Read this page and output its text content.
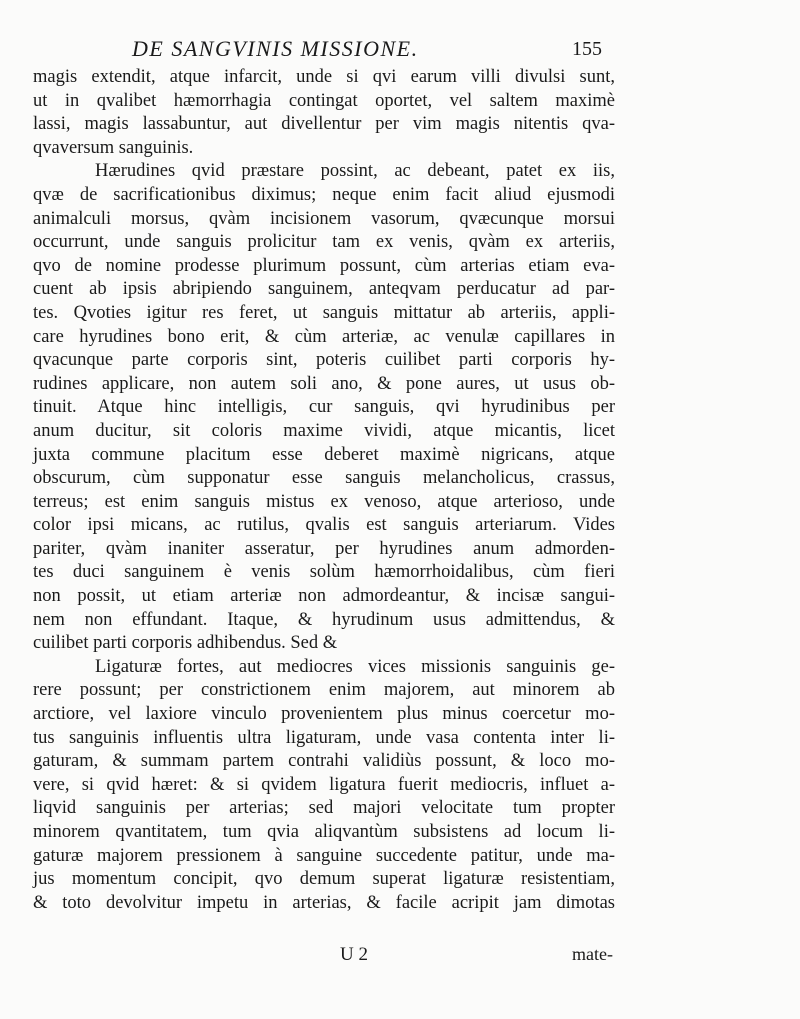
DE SANGVINIS MISSIONE.	155
magis extendit, atque infarcit, unde si qvi earum villi divulsi sunt,
ut in qvalibet hæmorrhagia contingat oportet, vel saltem maximè
lassi, magis lassabuntur, aut divellentur per vim magis nitentis qva-
qvaversum sanguinis.
Hærudines qvid præstare possint, ac debeant, patet ex iis,
qvæ de sacrificationibus diximus; neque enim facit aliud ejusmodi
animalculi morsus, qvàm incisionem vasorum, qvæcunque morsui
occurrunt, unde sanguis prolicitur tam ex venis, qvàm ex arteriis,
qvo de nomine prodesse plurimum possunt, cùm arterias etiam eva-
cuent ab ipsis abripiendo sanguinem, anteqvam perducatur ad par-
tes. Qvoties igitur res feret, ut sanguis mittatur ab arteriis, appli-
care hyrudines bono erit, & cùm arteriæ, ac venulæ capillares in
qvacunque parte corporis sint, poteris cuilibet parti corporis hy-
rudines applicare, non autem soli ano, & pone aures, ut usus ob-
tinuit. Atque hinc intelligis, cur sanguis, qvi hyrudinibus per
anum ducitur, sit coloris maxime vividi, atque micantis, licet
juxta commune placitum esse deberet maximè nigricans, atque
obscurum, cùm supponatur esse sanguis melancholicus, crassus,
terreus; est enim sanguis mistus ex venoso, atque arterioso, unde
color ipsi micans, ac rutilus, qvalis est sanguis arteriarum. Vides
pariter, qvàm inaniter asseratur, per hyrudines anum admorden-
tes duci sanguinem è venis solùm hæmorrhoidalibus, cùm fieri
non possit, ut etiam arteriæ non admordeantur, & incisæ sangui-
nem non effundant. Itaque, & hyrudinum usus admittendus, &
cuilibet parti corporis adhibendus. Sed &
Ligaturæ fortes, aut mediocres vices missionis sanguinis ge-
rere possunt; per constrictionem enim majorem, aut minorem ab
arctiore, vel laxiore vinculo provenientem plus minus coercetur mo-
tus sanguinis influentis ultra ligaturam, unde vasa contenta inter li-
gaturam, & summam partem contrahi validiùs possunt, & loco mo-
vere, si qvid hæret: & si qvidem ligatura fuerit mediocris, influet a-
liqvid sanguinis per arterias; sed majori velocitate tum propter
minorem qvantitatem, tum qvia aliqvantùm subsistens ad locum li-
gaturæ majorem pressionem à sanguine succedente patitur, unde ma-
jus momentum concipit, qvo demum superat ligaturæ resistentiam,
& toto devolvitur impetu in arterias, & facile acripit jam dimotas
U 2	mate-
